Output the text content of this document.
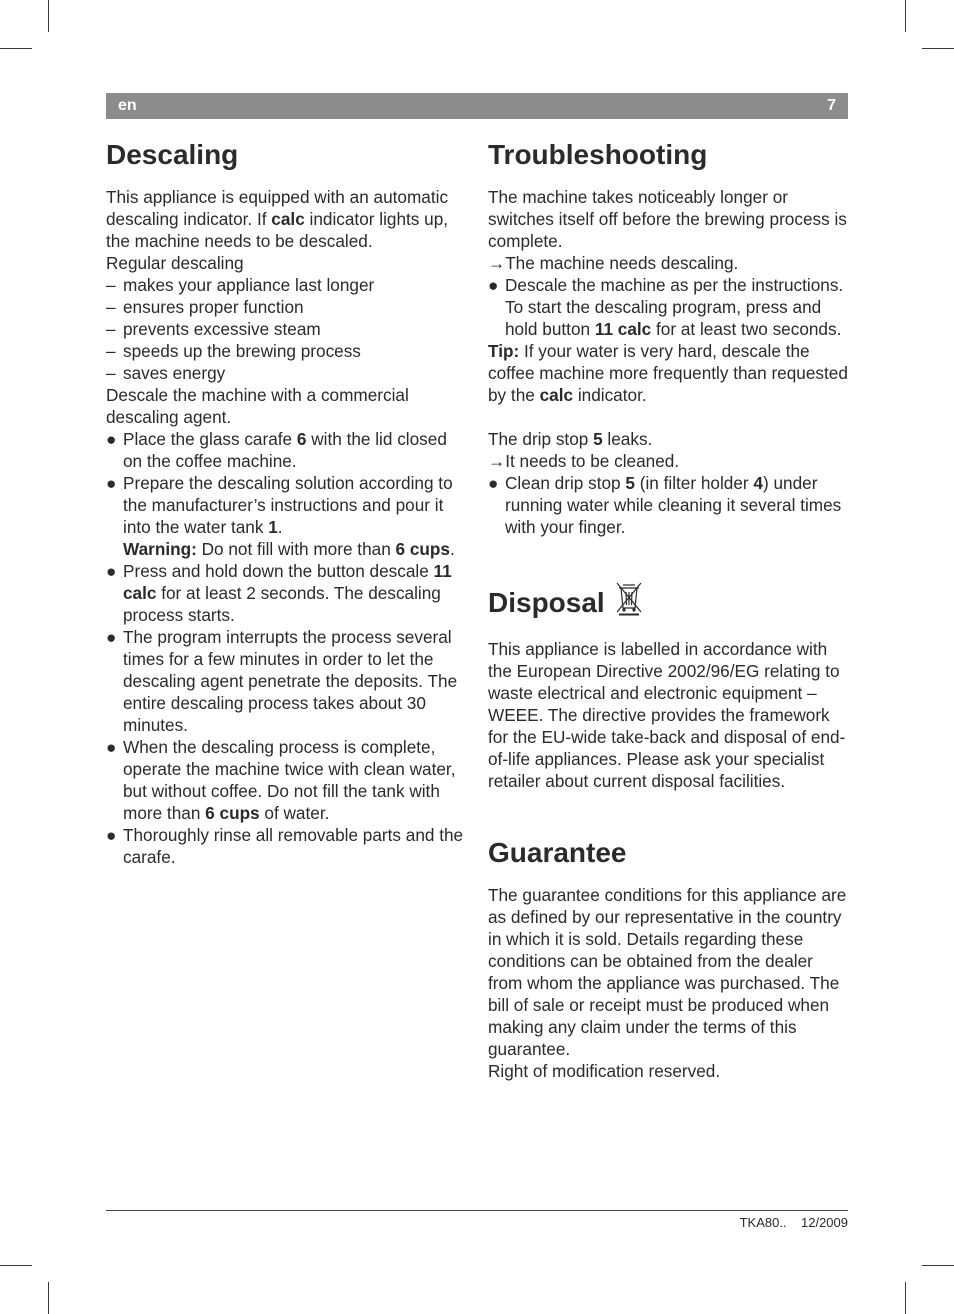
en	7
Descaling

This appliance is equipped with an automatic descaling indicator. If calc indicator lights up, the machine needs to be descaled.

Regular descaling

– makes your appliance last longer
– ensures proper function
– prevents excessive steam
– speeds up the brewing process
– saves energy

Descale the machine with a commercial descaling agent.

● Place the glass carafe 6 with the lid closed on the coffee machine.
● Prepare the descaling solution according to the manufacturer’s instructions and pour it into the water tank 1.
Warning: Do not fill with more than 6 cups.
● Press and hold down the button descale 11 calc for at least 2 seconds. The descaling process starts.
● The program interrupts the process several times for a few minutes in order to let the descaling agent penetrate the deposits. The entire descaling process takes about 30 minutes.
● When the descaling process is complete, operate the machine twice with clean water, but without coffee. Do not fill the tank with more than 6 cups of water.
● Thoroughly rinse all removable parts and the carafe.
Troubleshooting

The machine takes noticeably longer or switches itself off before the brewing process is complete.

→The machine needs descaling.

● Descale the machine as per the instructions. To start the descaling program, press and hold button 11 calc for at least two seconds.

Tip: If your water is very hard, descale the coffee machine more frequently than requested by the calc indicator.

The drip stop 5 leaks.

→It needs to be cleaned.

● Clean drip stop 5 (in filter holder 4) under running water while cleaning it several times with your finger.
Disposal

This appliance is labelled in accordance with the European Directive 2002/96/EG relating to waste electrical and electronic equipment – WEEE. The directive provides the framework for the EU-wide take-back and disposal of end-of-life appliances. Please ask your specialist retailer about current disposal facilities.

Guarantee

The guarantee conditions for this appliance are as defined by our representative in the country in which it is sold. Details regarding these conditions can be obtained from the dealer from whom the appliance was purchased. The bill of sale or receipt must be produced when making any claim under the terms of this guarantee.

Right of modification reserved.

TKA80.. 12/2009
